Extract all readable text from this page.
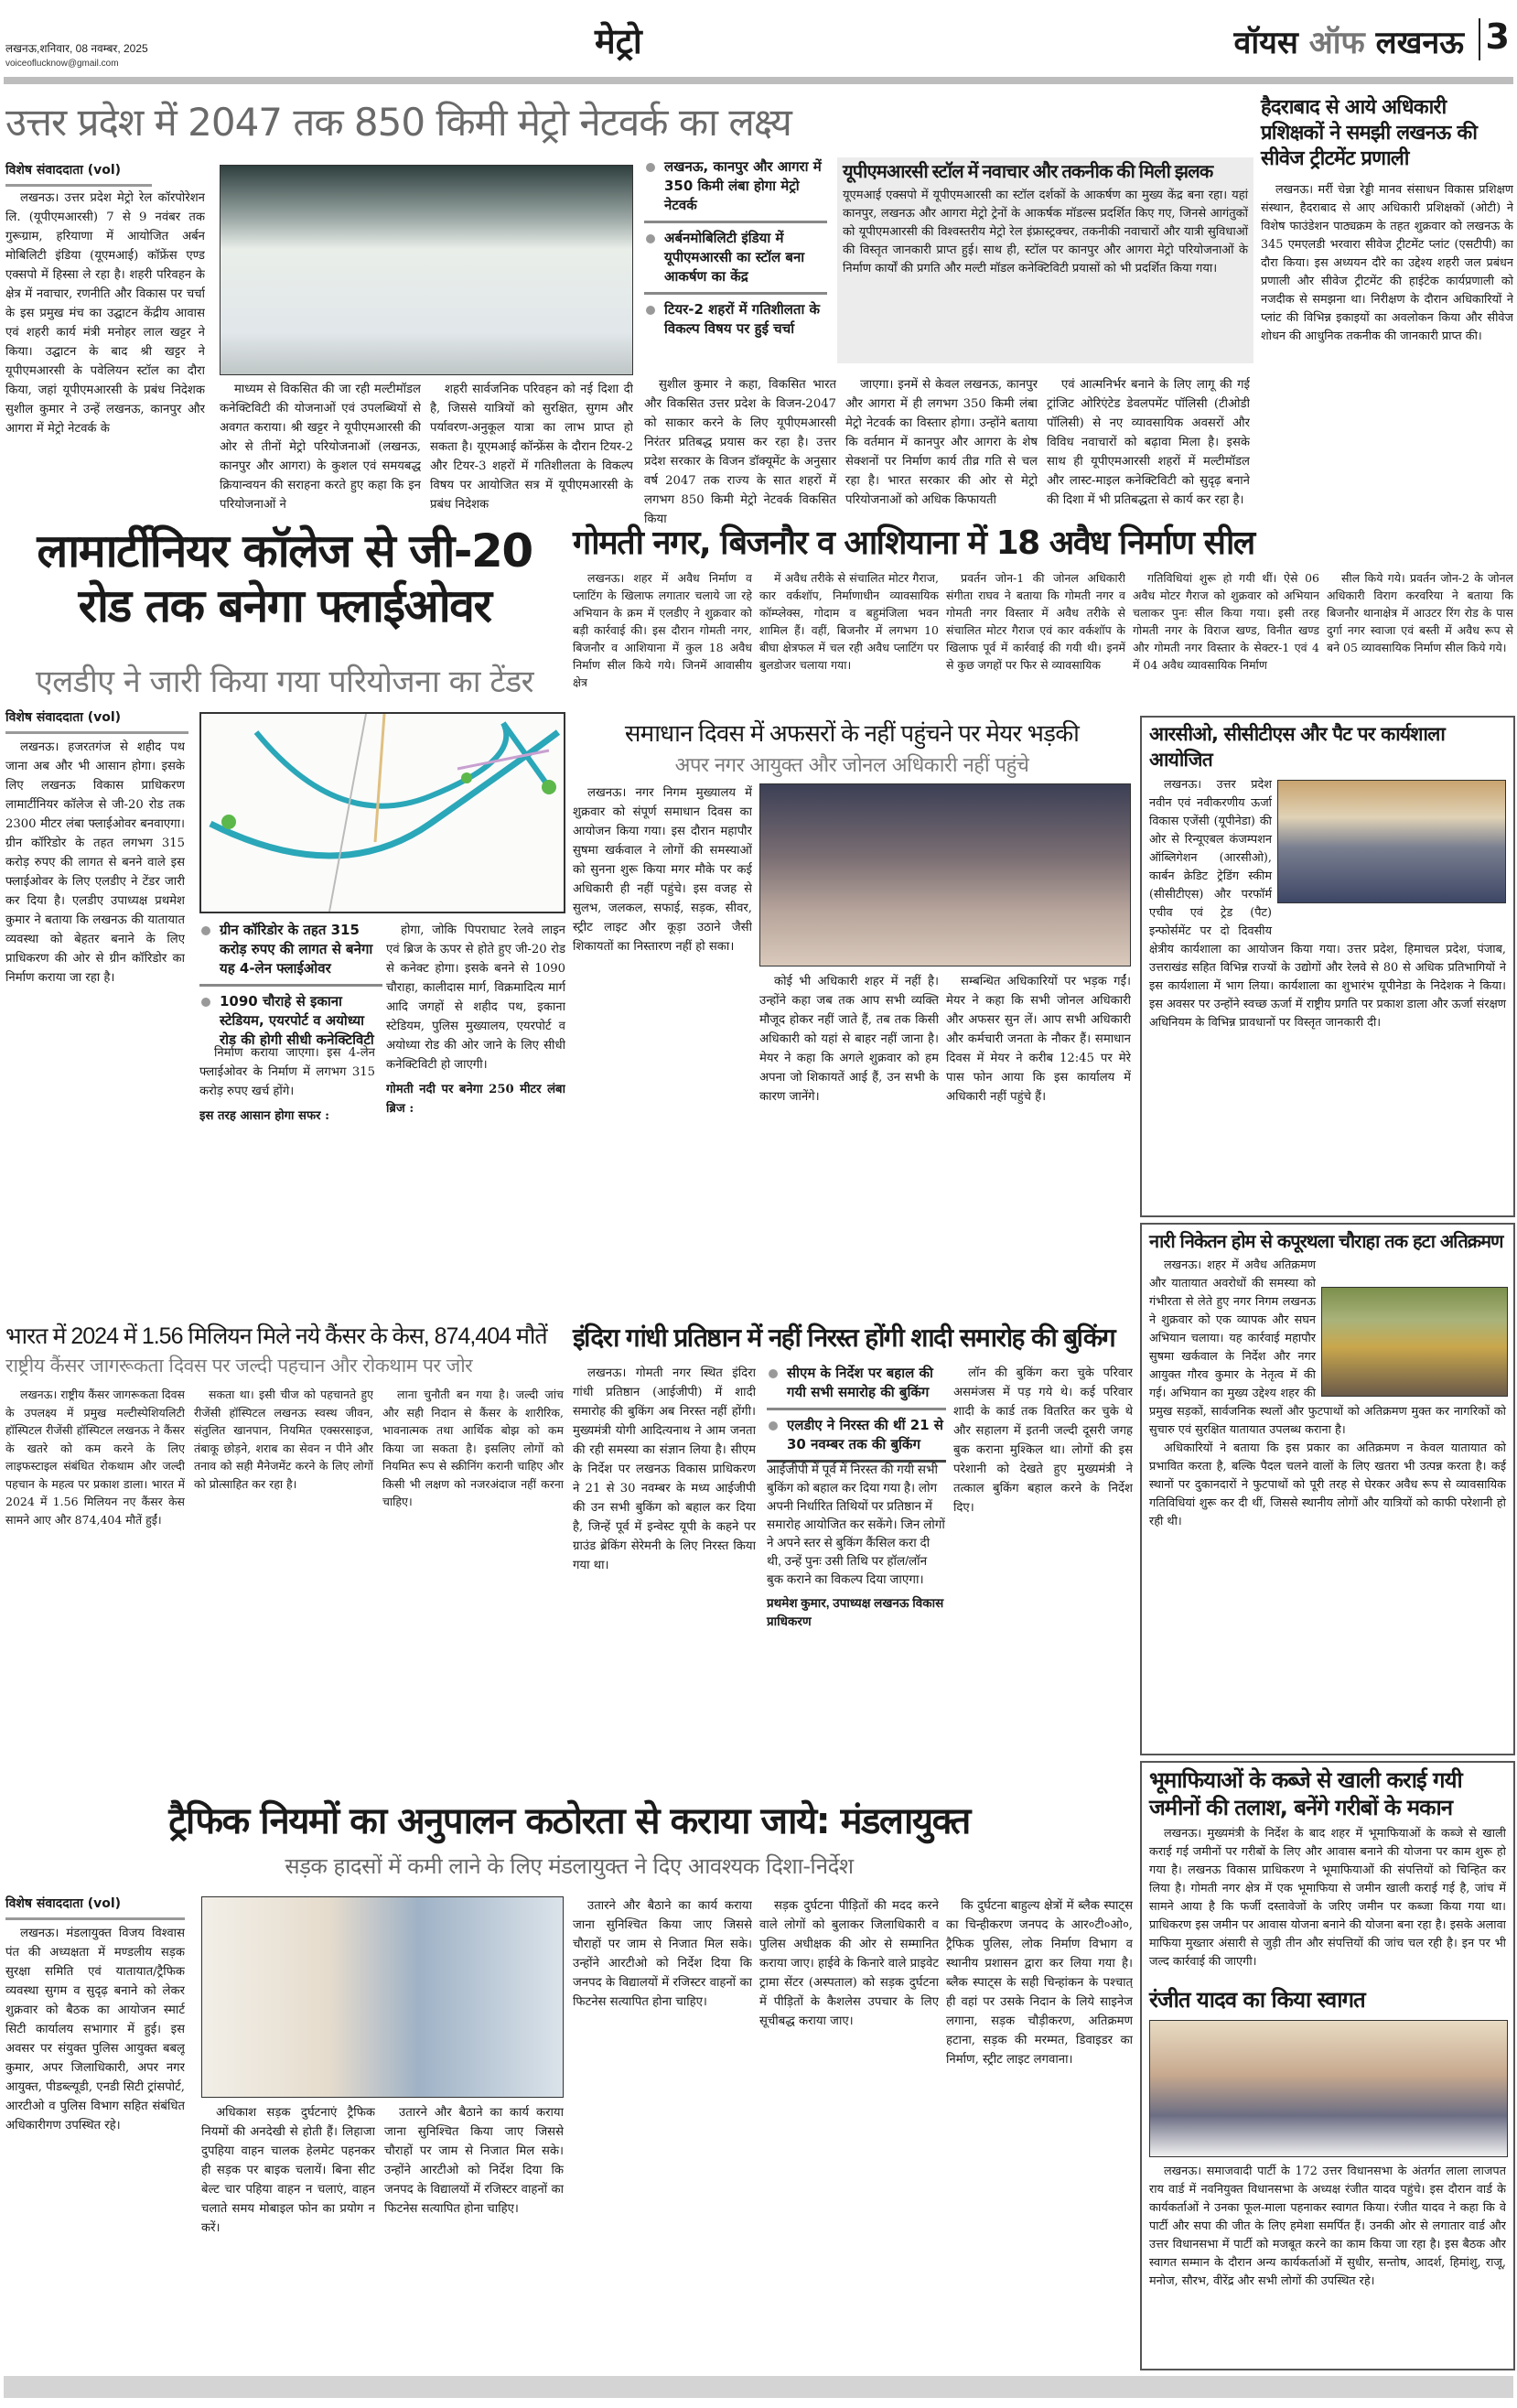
लखनऊ,शनिवार, 08 नवम्बर, 2025
voiceoflucknow@gmail.com
मेट्रो	वॉयस ऑफ लखनऊ 3
उत्तर प्रदेश में 2047 तक 850 किमी मेट्रो नेटवर्क का लक्ष्य
विशेष संवाददाता (vol)

लखनऊ। उत्तर प्रदेश मेट्रो रेल कॉरपोरेशन लि. (यूपीएमआरसी) 7 से 9 नवंबर तक गुरूग्राम, हरियाणा में आयोजित अर्बन मोबिलिटी इंडिया (यूएमआई) कॉफ्रेंस एण्ड एक्सपो में हिस्सा ले रहा है। शहरी परिवहन के क्षेत्र में नवाचार, रणनीति और विकास पर चर्चा के इस प्रमुख मंच का उद्घाटन केंद्रीय आवास एवं शहरी कार्य मंत्री मनोहर लाल खट्टर ने किया। उद्घाटन के बाद श्री खट्टर ने यूपीएमआरसी के पवेलियन स्टॉल का दौरा किया, जहां यूपीएमआरसी के प्रबंध निदेशक सुशील कुमार ने उन्हें लखनऊ, कानपुर और आगरा में मेट्रो नेटवर्क के

माध्यम से विकसित की जा रही मल्टीमॉडल कनेक्टिविटी की योजनाओं एवं उपलब्धियों से अवगत कराया। श्री खट्टर ने यूपीएमआरसी की ओर से तीनों मेट्रो परियोजनाओं (लखनऊ, कानपुर और आगरा) के कुशल एवं समयबद्ध क्रियान्वयन की सराहना करते हुए कहा कि इन परियोजनाओं ने

शहरी सार्वजनिक परिवहन को नई दिशा दी है, जिससे यात्रियों को सुरक्षित, सुगम और पर्यावरण-अनुकूल यात्रा का लाभ प्राप्त हो सकता है। यूएमआई कॉन्फ्रेंस के दौरान टियर-2 और टियर-3 शहरों में गतिशीलता के विकल्प विषय पर आयोजित सत्र में यूपीएमआरसी के प्रबंध निदेशक

लखनऊ, कानपुर और आगरा में 350 किमी लंबा होगा मेट्रो नेटवर्क
अर्बनमोबिलिटी इंडिया में यूपीएमआरसी का स्टॉल बना आकर्षण का केंद्र
टियर-2 शहरों में गतिशीलता के विकल्प विषय पर हुई चर्चा
यूपीएमआरसी स्टॉल में नवाचार और तकनीक की मिली झलक
यूएमआई एक्सपो में यूपीएमआरसी का स्टॉल दर्शकों के आकर्षण का मुख्य केंद्र बना रहा। यहां कानपुर, लखनऊ और आगरा मेट्रो ट्रेनों के आकर्षक मॉडल्स प्रदर्शित किए गए, जिनसे आगंतुकों को यूपीएमआरसी की विश्वस्तरीय मेट्रो रेल इंफ्रास्ट्रक्चर, तकनीकी नवाचारों और यात्री सुविधाओं की विस्तृत जानकारी प्राप्त हुई। साथ ही, स्टॉल पर कानपुर और आगरा मेट्रो परियोजनाओं के निर्माण कार्यों की प्रगति और मल्टी मॉडल कनेक्टिविटी प्रयासों को भी प्रदर्शित किया गया।

सुशील कुमार ने कहा, विकसित भारत और विकसित उत्तर प्रदेश के विजन-2047 को साकार करने के लिए यूपीएमआरसी निरंतर प्रतिबद्ध प्रयास कर रहा है। उत्तर प्रदेश सरकार के विजन डॉक्यूमेंट के अनुसार वर्ष 2047 तक राज्य के सात शहरों में लगभग 850 किमी मेट्रो नेटवर्क विकसित किया

जाएगा। इनमें से केवल लखनऊ, कानपुर और आगरा में ही लगभग 350 किमी लंबा मेट्रो नेटवर्क का विस्तार होगा। उन्होंने बताया कि वर्तमान में कानपुर और आगरा के शेष सेक्शनों पर निर्माण कार्य तीव्र गति से चल रहा है। भारत सरकार की ओर से मेट्रो परियोजनाओं को अधिक किफायती

एवं आत्मनिर्भर बनाने के लिए लागू की गई ट्रांजिट ओरिएंटेड डेवलपमेंट पॉलिसी (टीओडी पॉलिसी) से नए व्यावसायिक अवसरों और विविध नवाचारों को बढ़ावा मिला है। इसके साथ ही यूपीएमआरसी शहरों में मल्टीमॉडल और लास्ट-माइल कनेक्टिविटी को सुदृढ़ बनाने की दिशा में भी प्रतिबद्धता से कार्य कर रहा है।

हैदराबाद से आये अधिकारी प्रशिक्षकों ने समझी लखनऊ की सीवेज ट्रीटमेंट प्रणाली

लखनऊ। मर्री चेन्ना रेड्डी मानव संसाधन विकास प्रशिक्षण संस्थान, हैदराबाद से आए अधिकारी प्रशिक्षकों (ओटी) ने विशेष फाउंडेशन पाठ्यक्रम के तहत शुक्रवार को लखनऊ के 345 एमएलडी भरवारा सीवेज ट्रीटमेंट प्लांट (एसटीपी) का दौरा किया। इस अध्ययन दौरे का उद्देश्य शहरी जल प्रबंधन प्रणाली और सीवेज ट्रीटमेंट की हाईटेक कार्यप्रणाली को नजदीक से समझना था। निरीक्षण के दौरान अधिकारियों ने प्लांट की विभिन्न इकाइयों का अवलोकन किया और सीवेज शोधन की आधुनिक तकनीक की जानकारी प्राप्त की।

लामार्टीनियर कॉलेज से जी-20 रोड तक बनेगा फ्लाईओवर
एलडीए ने जारी किया गया परियोजना का टेंडर
विशेष संवाददाता (vol)

लखनऊ। हजरतगंज से शहीद पथ जाना अब और भी आसान होगा। इसके लिए लखनऊ विकास प्राधिकरण लामार्टीनियर कॉलेज से जी-20 रोड तक 2300 मीटर लंबा फ्लाईओवर बनवाएगा। ग्रीन कॉरिडोर के तहत लगभग 315 करोड़ रुपए की लागत से बनने वाले इस फ्लाईओवर के लिए एलडीए ने टेंडर जारी कर दिया है। एलडीए उपाध्यक्ष प्रथमेश कुमार ने बताया कि लखनऊ की यातायात व्यवस्था को बेहतर बनाने के लिए प्राधिकरण की ओर से ग्रीन कॉरिडोर का निर्माण कराया जा रहा है।

ग्रीन कॉरिडोर के तहत 315 करोड़ रुपए की लागत से बनेगा यह 4-लेन फ्लाईओवर
1090 चौराहे से इकाना स्टेडियम, एयरपोर्ट व अयोध्या रोड की होगी सीधी कनेक्टिविटी

निर्माण कराया जाएगा। इस 4-लेन फ्लाईओवर के निर्माण में लगभग 315 करोड़ रुपए खर्च होंगे।

इस तरह आसान होगा सफर :

होगा, जोकि पिपराघाट रेलवे लाइन एवं ब्रिज के ऊपर से होते हुए जी-20 रोड से कनेक्ट होगा। इसके बनने से 1090 चौराहा, कालीदास मार्ग, विक्रमादित्य मार्ग आदि जगहों से शहीद पथ, इकाना स्टेडियम, पुलिस मुख्यालय, एयरपोर्ट व अयोध्या रोड की ओर जाने के लिए सीधी कनेक्टिविटी हो जाएगी।

गोमती नदी पर बनेगा 250 मीटर लंबा ब्रिज :

गोमती नगर, बिजनौर व आशियाना में 18 अवैध निर्माण सील

लखनऊ। शहर में अवैध निर्माण व प्लाटिंग के खिलाफ लगातार चलाये जा रहे अभियान के क्रम में एलडीए ने शुक्रवार को बड़ी कार्रवाई की। इस दौरान गोमती नगर, बिजनौर व आशियाना में कुल 18 अवैध निर्माण सील किये गये। जिनमें आवासीय क्षेत्र

में अवैध तरीके से संचालित मोटर गैराज, कार वर्कशॉप, निर्माणाधीन व्यावसायिक कॉम्प्लेक्स, गोदाम व बहुमंजिला भवन शामिल हैं। वहीं, बिजनौर में लगभग 10 बीघा क्षेत्रफल में चल रही अवैध प्लाटिंग पर बुलडोजर चलाया गया।

प्रवर्तन जोन-1 की जोनल अधिकारी संगीता राघव ने बताया कि गोमती नगर व गोमती नगर विस्तार में अवैध तरीके से संचालित मोटर गैराज एवं कार वर्कशॉप के खिलाफ पूर्व में कार्रवाई की गयी थी। इनमें से कुछ जगहों पर फिर से व्यावसायिक

गतिविधियां शुरू हो गयी थीं। ऐसे 06 अवैध मोटर गैराज को शुक्रवार को अभियान चलाकर पुनः सील किया गया। इसी तरह गोमती नगर के विराज खण्ड, विनीत खण्ड और गोमती नगर विस्तार के सेक्टर-1 एवं 4 में 04 अवैध व्यावसायिक निर्माण

सील किये गये। प्रवर्तन जोन-2 के जोनल अधिकारी विराग करवरिया ने बताया कि बिजनौर थानाक्षेत्र में आउटर रिंग रोड के पास दुर्गा नगर स्वाजा एवं बस्ती में अवैध रूप से बने 05 व्यावसायिक निर्माण सील किये गये।

समाधान दिवस में अफसरों के नहीं पहुंचने पर मेयर भड़की
अपर नगर आयुक्त और जोनल अधिकारी नहीं पहुंचे

लखनऊ। नगर निगम मुख्यालय में शुक्रवार को संपूर्ण समाधान दिवस का आयोजन किया गया। इस दौरान महापौर सुषमा खर्कवाल ने लोगों की समस्याओं को सुनना शुरू किया मगर मौके पर कई अधिकारी ही नहीं पहुंचे। इस वजह से सुलभ, जलकल, सफाई, सड़क, सीवर, स्ट्रीट लाइट और कूड़ा उठाने जैसी शिकायतों का निस्तारण नहीं हो सका।

कोई भी अधिकारी शहर में नहीं है। उन्होंने कहा जब तक आप सभी व्यक्ति मौजूद होकर नहीं जाते हैं, तब तक किसी अधिकारी को यहां से बाहर नहीं जाना है। मेयर ने कहा कि अगले शुक्रवार को हम अपना जो शिकायतें आई हैं, उन सभी के कारण जानेंगे।

सम्बन्धित अधिकारियों पर भड़क गईं। मेयर ने कहा कि सभी जोनल अधिकारी और अफसर सुन लें। आप सभी अधिकारी और कर्मचारी जनता के नौकर हैं। समाधान दिवस में मेयर ने करीब 12:45 पर मेरे पास फोन आया कि इस कार्यालय में अधिकारी नहीं पहुंचे हैं।

आरसीओ, सीसीटीएस और पैट पर कार्यशाला आयोजित

लखनऊ। उत्तर प्रदेश नवीन एवं नवीकरणीय ऊर्जा विकास एजेंसी (यूपीनेडा) की ओर से रिन्यूएबल कंजम्पशन ऑब्लिगेशन (आरसीओ), कार्बन क्रेडिट ट्रेडिंग स्कीम (सीसीटीएस) और परफॉर्म एचीव एवं ट्रेड (पैट) इन्फोर्समेंट पर दो दिवसीय क्षेत्रीय कार्यशाला का आयोजन किया गया। उत्तर प्रदेश, हिमाचल प्रदेश, पंजाब, उत्तराखंड सहित विभिन्न राज्यों के उद्योगों और रेलवे से 80 से अधिक प्रतिभागियों ने इस कार्यशाला में भाग लिया। कार्यशाला का शुभारंभ यूपीनेडा के निदेशक ने किया। इस अवसर पर उन्होंने स्वच्छ ऊर्जा में राष्ट्रीय प्रगति पर प्रकाश डाला और ऊर्जा संरक्षण अधिनियम के विभिन्न प्रावधानों पर विस्तृत जानकारी दी।

नारी निकेतन होम से कपूरथला चौराहा तक हटा अतिक्रमण

लखनऊ। शहर में अवैध अतिक्रमण और यातायात अवरोधों की समस्या को गंभीरता से लेते हुए नगर निगम लखनऊ ने शुक्रवार को एक व्यापक और सघन अभियान चलाया। यह कार्रवाई महापौर सुषमा खर्कवाल के निर्देश और नगर आयुक्त गौरव कुमार के नेतृत्व में की गई। अभियान का मुख्य उद्देश्य शहर की प्रमुख सड़कों, सार्वजनिक स्थलों और फुटपाथों को अतिक्रमण मुक्त कर नागरिकों को सुचारु एवं सुरक्षित यातायात उपलब्ध कराना है।

अधिकारियों ने बताया कि इस प्रकार का अतिक्रमण न केवल यातायात को प्रभावित करता है, बल्कि पैदल चलने वालों के लिए खतरा भी उत्पन्न करता है। कई स्थानों पर दुकानदारों ने फुटपाथों को पूरी तरह से घेरकर अवैध रूप से व्यावसायिक गतिविधियां शुरू कर दी थीं, जिससे स्थानीय लोगों और यात्रियों को काफी परेशानी हो रही थी।

भारत में 2024 में 1.56 मिलियन मिले नये कैंसर के केस, 874,404 मौतें
राष्ट्रीय कैंसर जागरूकता दिवस पर जल्दी पहचान और रोकथाम पर जोर

लखनऊ। राष्ट्रीय कैंसर जागरूकता दिवस के उपलक्ष्य में प्रमुख मल्टीस्पेशियलिटी हॉस्पिटल रीजेंसी हॉस्पिटल लखनऊ ने कैंसर के खतरे को कम करने के लिए लाइफस्टाइल संबंधित रोकथाम और जल्दी पहचान के महत्व पर प्रकाश डाला। भारत में 2024 में 1.56 मिलियन नए कैंसर केस सामने आए और 874,404 मौतें हुईं।

सकता था। इसी चीज को पहचानते हुए रीजेंसी हॉस्पिटल लखनऊ स्वस्थ जीवन, संतुलित खानपान, नियमित एक्सरसाइज, तंबाकू छोड़ने, शराब का सेवन न पीने और तनाव को सही मैनेजमेंट करने के लिए लोगों को प्रोत्साहित कर रहा है।

लाना चुनौती बन गया है। जल्दी जांच और सही निदान से कैंसर के शारीरिक, भावनात्मक तथा आर्थिक बोझ को कम किया जा सकता है। इसलिए लोगों को नियमित रूप से स्क्रीनिंग करानी चाहिए और किसी भी लक्षण को नजरअंदाज नहीं करना चाहिए।

इंदिरा गांधी प्रतिष्ठान में नहीं निरस्त होंगी शादी समारोह की बुकिंग

लखनऊ। गोमती नगर स्थित इंदिरा गांधी प्रतिष्ठान (आईजीपी) में शादी समारोह की बुकिंग अब निरस्त नहीं होंगी। मुख्यमंत्री योगी आदित्यनाथ ने आम जनता की रही समस्या का संज्ञान लिया है। सीएम के निर्देश पर लखनऊ विकास प्राधिकरण ने 21 से 30 नवम्बर के मध्य आईजीपी की उन सभी बुकिंग को बहाल कर दिया है, जिन्हें पूर्व में इन्वेस्ट यूपी के कहने पर ग्राउंड ब्रेकिंग सेरेमनी के लिए निरस्त किया गया था।

सीएम के निर्देश पर बहाल की गयी सभी समारोह की बुकिंग
एलडीए ने निरस्त की थीं 21 से 30 नवम्बर तक की बुकिंग
आईजीपी में पूर्व में निरस्त की गयी सभी बुकिंग को बहाल कर दिया गया है। लोग अपनी निर्धारित तिथियों पर प्रतिष्ठान में समारोह आयोजित कर सकेंगे। जिन लोगों ने अपने स्तर से बुकिंग कैंसिल करा दी थी, उन्हें पुनः उसी तिथि पर हॉल/लॉन बुक कराने का विकल्प दिया जाएगा।
प्रथमेश कुमार, उपाध्यक्ष लखनऊ विकास प्राधिकरण

लॉन की बुकिंग करा चुके परिवार असमंजस में पड़ गये थे। कई परिवार शादी के कार्ड तक वितरित कर चुके थे और सहालग में इतनी जल्दी दूसरी जगह बुक कराना मुश्किल था। लोगों की इस परेशानी को देखते हुए मुख्यमंत्री ने तत्काल बुकिंग बहाल करने के निर्देश दिए।

ट्रैफिक नियमों का अनुपालन कठोरता से कराया जाये: मंडलायुक्त
सड़क हादसों में कमी लाने के लिए मंडलायुक्त ने दिए आवश्यक दिशा-निर्देश
विशेष संवाददाता (vol)

लखनऊ। मंडलायुक्त विजय विश्वास पंत की अध्यक्षता में मण्डलीय सड़क सुरक्षा समिति एवं यातायात/ट्रैफिक व्यवस्था सुगम व सुदृढ़ बनाने को लेकर शुक्रवार को बैठक का आयोजन स्मार्ट सिटी कार्यालय सभागार में हुई। इस अवसर पर संयुक्त पुलिस आयुक्त बबलू कुमार, अपर जिलाधिकारी, अपर नगर आयुक्त, पीडब्ल्यूडी, एनडी सिटी ट्रांसपोर्ट, आरटीओ व पुलिस विभाग सहित संबंधित अधिकारीगण उपस्थित रहे।

अधिकाश सड़क दुर्घटनाएं ट्रैफिक नियमों की अनदेखी से होती हैं। लिहाजा दुपहिया वाहन चालक हेलमेट पहनकर ही सड़क पर बाइक चलायें। बिना सीट बेल्ट चार पहिया वाहन न चलाएं, वाहन चलाते समय मोबाइल फोन का प्रयोग न करें।

उतारने और बैठाने का कार्य कराया जाना सुनिश्चित किया जाए जिससे चौराहों पर जाम से निजात मिल सके। उन्होंने आरटीओ को निर्देश दिया कि जनपद के विद्यालयों में रजिस्टर वाहनों का फिटनेस सत्यापित होना चाहिए।

उतारने और बैठाने का कार्य कराया जाना सुनिश्चित किया जाए जिससे चौराहों पर जाम से निजात मिल सके। उन्होंने आरटीओ को निर्देश दिया कि जनपद के विद्यालयों में रजिस्टर वाहनों का फिटनेस सत्यापित होना चाहिए।

सड़क दुर्घटना पीड़ितों की मदद करने वाले लोगों को बुलाकर जिलाधिकारी व पुलिस अधीक्षक की ओर से सम्मानित कराया जाए। हाईवे के किनारे वाले प्राइवेट ट्रामा सेंटर (अस्पताल) को सड़क दुर्घटना में पीड़ितों के कैशलेस उपचार के लिए सूचीबद्ध कराया जाए।

कि दुर्घटना बाहुल्य क्षेत्रों में ब्लैक स्पाट्स का चिन्हीकरण जनपद के आर०टी०ओ०, ट्रैफिक पुलिस, लोक निर्माण विभाग व स्थानीय प्रशासन द्वारा कर लिया गया है। ब्लैक स्पाट्स के सही चिन्हांकन के पश्चात् ही वहां पर उसके निदान के लिये साइनेज लगाना, सड़क चौड़ीकरण, अतिक्रमण हटाना, सड़क की मरम्मत, डिवाइडर का निर्माण, स्ट्रीट लाइट लगवाना।

भूमाफियाओं के कब्जे से खाली कराई गयी जमीनों की तलाश, बनेंगे गरीबों के मकान

लखनऊ। मुख्यमंत्री के निर्देश के बाद शहर में भूमाफियाओं के कब्जे से खाली कराई गई जमीनों पर गरीबों के लिए और आवास बनाने की योजना पर काम शुरू हो गया है। लखनऊ विकास प्राधिकरण ने भूमाफियाओं की संपत्तियों को चिन्हित कर लिया है। गोमती नगर क्षेत्र में एक भूमाफिया से जमीन खाली कराई गई है, जांच में सामने आया है कि फर्जी दस्तावेजों के जरिए जमीन पर कब्जा किया गया था। प्राधिकरण इस जमीन पर आवास योजना बनाने की योजना बना रहा है। इसके अलावा माफिया मुख्तार अंसारी से जुड़ी तीन और संपत्तियों की जांच चल रही है। इन पर भी जल्द कार्रवाई की जाएगी।

रंजीत यादव का किया स्वागत

लखनऊ। समाजवादी पार्टी के 172 उत्तर विधानसभा के अंतर्गत लाला लाजपत राय वार्ड में नवनियुक्त विधानसभा के अध्यक्ष रंजीत यादव पहुंचे। इस दौरान वार्ड के कार्यकर्ताओं ने उनका फूल-माला पहनाकर स्वागत किया। रंजीत यादव ने कहा कि वे पार्टी और सपा की जीत के लिए हमेशा समर्पित हैं। उनकी ओर से लगातार वार्ड और उत्तर विधानसभा में पार्टी को मजबूत करने का काम किया जा रहा है। इस बैठक और स्वागत सम्मान के दौरान अन्य कार्यकर्ताओं में सुधीर, सन्तोष, आदर्श, हिमांशु, राजू, मनोज, सौरभ, वीरेंद्र और सभी लोगों की उपस्थित रहे।
